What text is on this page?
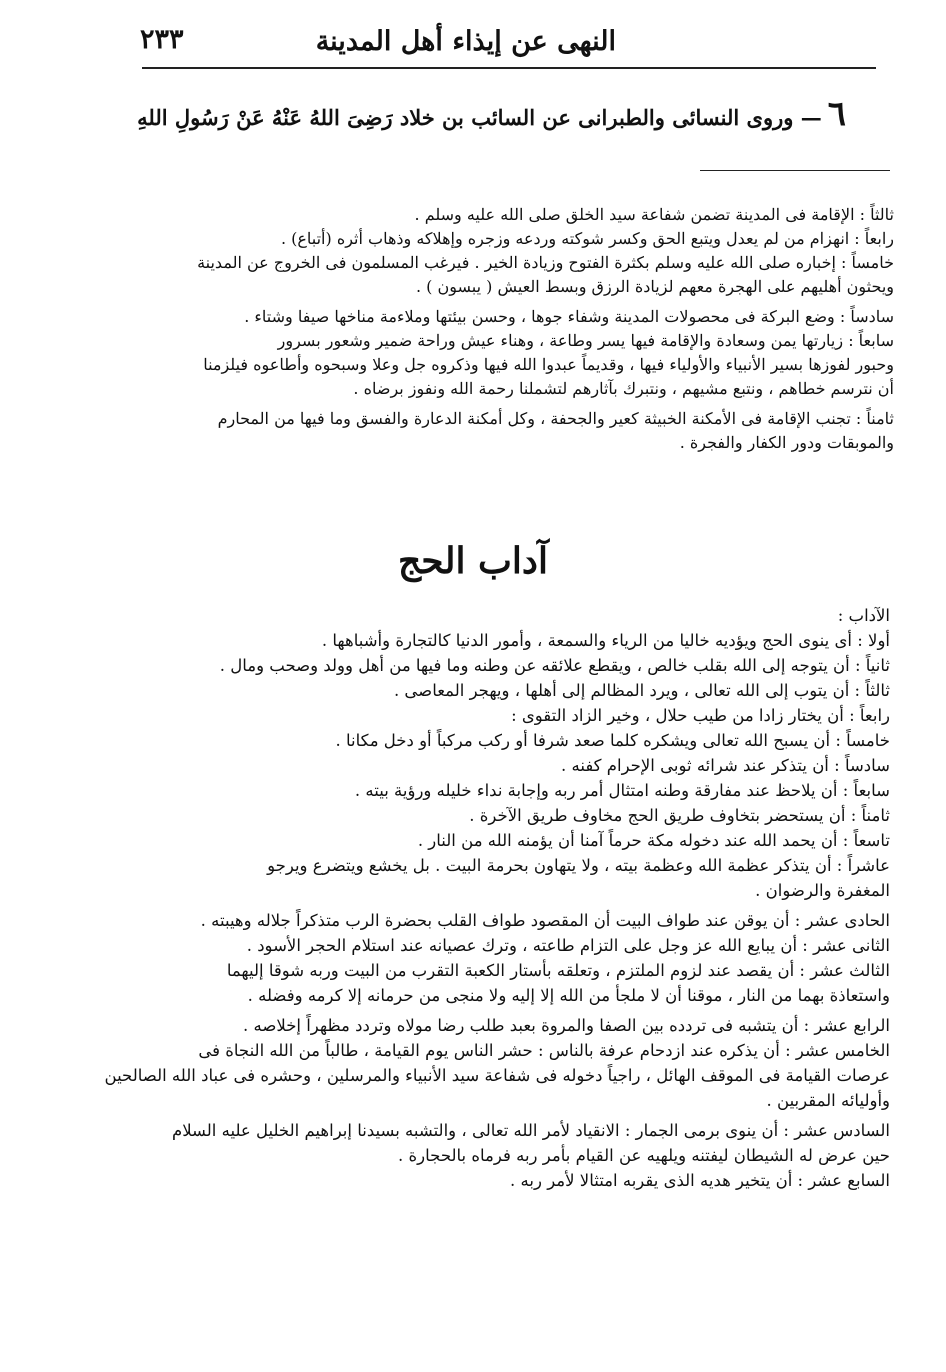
النهى عن إيذاء أهل المدينة
٢٣٣
٦— وروى النسائى والطبرانى عن السائب بن خلاد رَضِىَ اللهُ عَنْهُ عَنْ رَسُولِ اللهِ

ثالثاً : الإقامة فى المدينة تضمن شفاعة سيد الخلق صلى الله عليه وسلم .

رابعاً : انهزام من لم يعدل ويتبع الحق وكسر شوكته وردعه وزجره وإهلاكه وذهاب أثره (أتباع) .

خامساً : إخباره صلى الله عليه وسلم بكثرة الفتوح وزيادة الخير . فيرغب المسلمون فى الخروج عن المدينة

ويحثون أهليهم على الهجرة معهم لزيادة الرزق وبسط العيش ( يبسون ) .

سادساً : وضع البركة فى محصولات المدينة وشفاء جوها ، وحسن بيئتها وملاءمة مناخها صيفا وشتاء .

سابعاً : زيارتها يمن وسعادة والإقامة فيها يسر وطاعة ، وهناء عيش وراحة ضمير وشعور بسرور

وحبور لفوزها بسير الأنبياء والأولياء فيها ، وقديماً عبدوا الله فيها وذكروه جل وعلا وسبحوه وأطاعوه فيلزمنا

أن نترسم خطاهم ، ونتبع مشيهم ، ونتبرك بآثارهم لتشملنا رحمة الله ونفوز برضاه .

ثامناً : تجنب الإقامة فى الأمكنة الخبيثة كعير والجحفة ، وكل أمكنة الدعارة والفسق وما فيها من المحارم

والموبقات ودور الكفار والفجرة .

آداب الحج

الآداب :

أولا : أى ينوى الحج ويؤديه خاليا من الرياء والسمعة ، وأمور الدنيا كالتجارة وأشباهها .

ثانياً : أن يتوجه إلى الله بقلب خالص ، ويقطع علائقه عن وطنه وما فيها من أهل وولد وصحب ومال .

ثالثاً : أن يتوب إلى الله تعالى ، ويرد المظالم إلى أهلها ، ويهجر المعاصى .

رابعاً : أن يختار زادا من طيب حلال ، وخير الزاد التقوى :

خامساً : أن يسبح الله تعالى ويشكره كلما صعد شرفا أو ركب مركباً أو دخل مكانا .

سادساً : أن يتذكر عند شرائه ثوبى الإحرام كفنه .

سابعاً : أن يلاحظ عند مفارقة وطنه امتثال أمر ربه وإجابة نداء خليله ورؤية بيته .

ثامناً : أن يستحضر بتخاوف طريق الحج مخاوف طريق الآخرة .

تاسعاً : أن يحمد الله عند دخوله مكة حرماً آمنا أن يؤمنه الله من النار .

عاشراً : أن يتذكر عظمة الله وعظمة بيته ، ولا يتهاون بحرمة البيت . بل يخشع ويتضرع ويرجو

المغفرة والرضوان .

الحادى عشر : أن يوقن عند طواف البيت أن المقصود طواف القلب بحضرة الرب متذكراً جلاله وهيبته .

الثانى عشر : أن يبايع الله عز وجل على التزام طاعته ، وترك عصيانه عند استلام الحجر الأسود .

الثالث عشر : أن يقصد عند لزوم الملتزم ، وتعلقه بأستار الكعبة التقرب من البيت وربه شوقا إليهما

واستعاذة بهما من النار ، موقنا أن لا ملجأ من الله إلا إليه ولا منجى من حرمانه إلا كرمه وفضله .

الرابع عشر : أن يتشبه فى تردده بين الصفا والمروة بعبد طلب رضا مولاه وتردد مظهراً إخلاصه .

الخامس عشر : أن يذكره عند ازدحام عرفة بالناس : حشر الناس يوم القيامة ، طالباً من الله النجاة فى

عرصات القيامة فى الموقف الهائل ، راجياً دخوله فى شفاعة سيد الأنبياء والمرسلين ، وحشره فى عباد الله الصالحين

وأوليائه المقربين .

السادس عشر : أن ينوى برمى الجمار : الانقياد لأمر الله تعالى ، والتشبه بسيدنا إبراهيم الخليل عليه السلام

حين عرض له الشيطان ليفتنه ويلهيه عن القيام بأمر ربه فرماه بالحجارة .

السابع عشر : أن يتخير هديه الذى يقربه امتثالا لأمر ربه .
